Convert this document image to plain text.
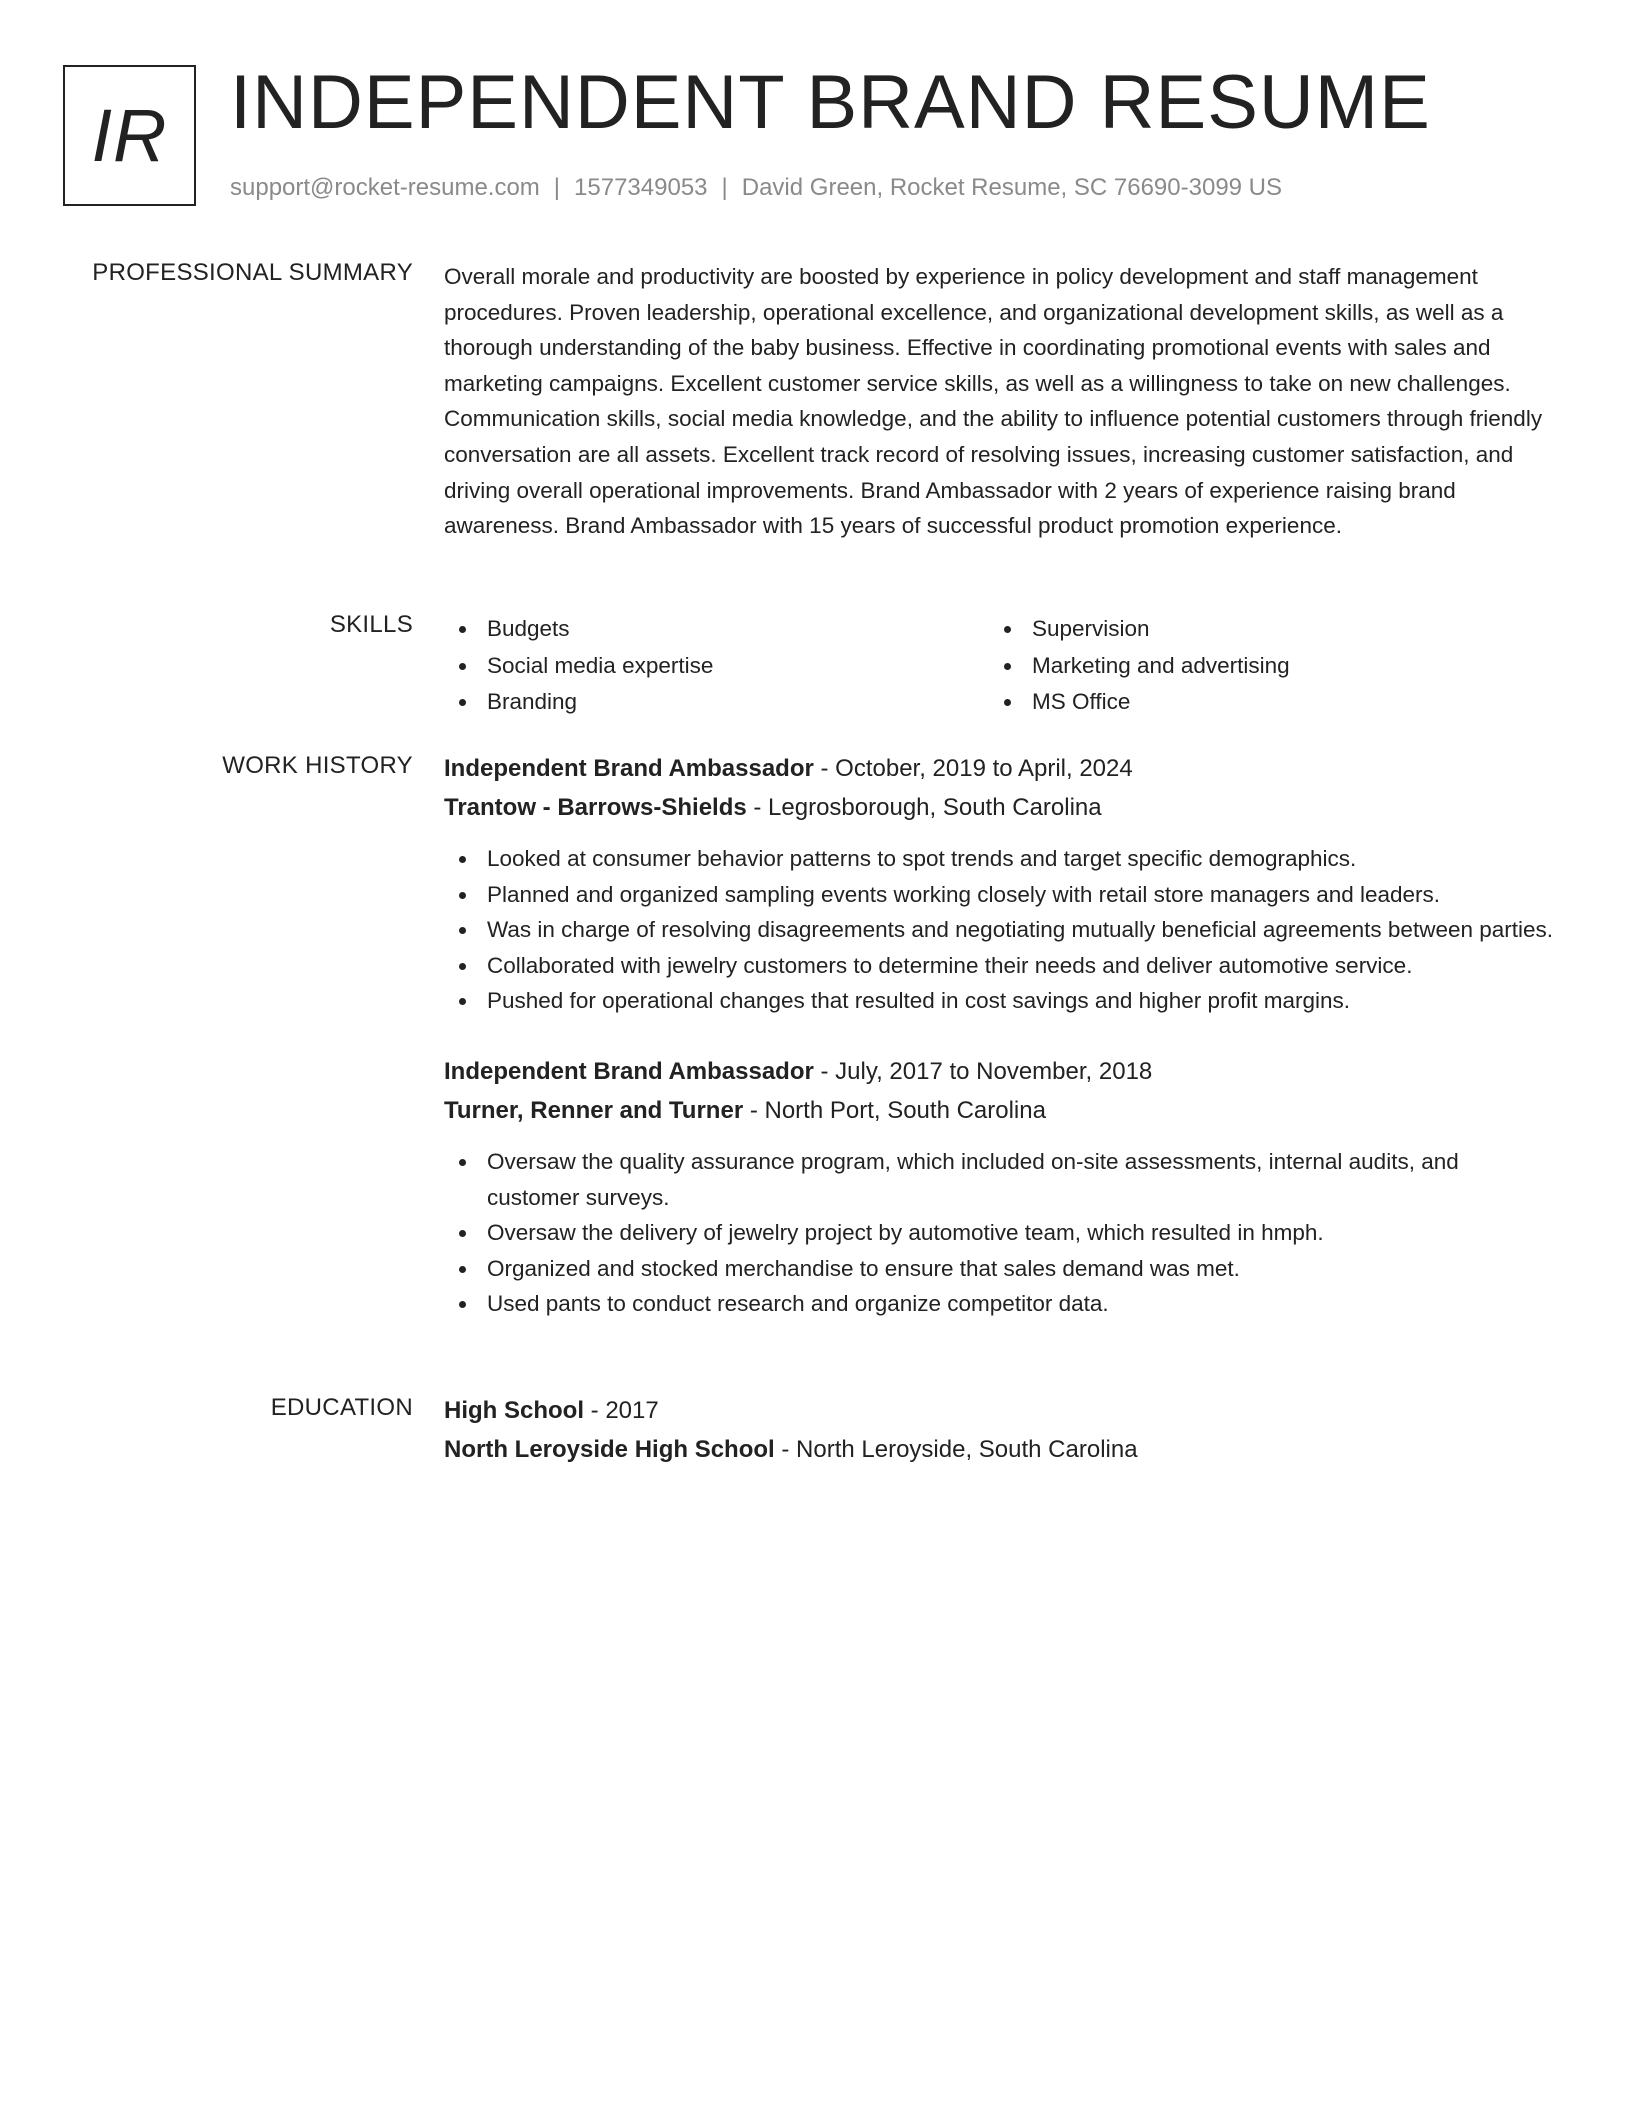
IR INDEPENDENT BRAND RESUME
support@rocket-resume.com | 1577349053 | David Green, Rocket Resume, SC 76690-3099 US
PROFESSIONAL SUMMARY Overall morale and productivity are boosted by experience in policy development and staff management procedures. Proven leadership, operational excellence, and organizational development skills, as well as a thorough understanding of the baby business. Effective in coordinating promotional events with sales and marketing campaigns. Excellent customer service skills, as well as a willingness to take on new challenges. Communication skills, social media knowledge, and the ability to influence potential customers through friendly conversation are all assets. Excellent track record of resolving issues, increasing customer satisfaction, and driving overall operational improvements. Brand Ambassador with 2 years of experience raising brand awareness. Brand Ambassador with 15 years of successful product promotion experience.

SKILLS	Budgets	Supervision
Social media expertise	Marketing and advertising
Branding	MS Office
WORK HISTORY Independent Brand Ambassador - October, 2019 to April, 2024
Trantow - Barrows-Shields - Legrosborough, South Carolina
Looked at consumer behavior patterns to spot trends and target specific demographics.
Planned and organized sampling events working closely with retail store managers and leaders.
Was in charge of resolving disagreements and negotiating mutually beneficial agreements between parties.
Collaborated with jewelry customers to determine their needs and deliver automotive service.
Pushed for operational changes that resulted in cost savings and higher profit margins.
Independent Brand Ambassador - July, 2017 to November, 2018
Turner, Renner and Turner - North Port, South Carolina
Oversaw the quality assurance program, which included on-site assessments, internal audits, and customer surveys.
Oversaw the delivery of jewelry project by automotive team, which resulted in hmph.
Organized and stocked merchandise to ensure that sales demand was met.
Used pants to conduct research and organize competitor data.
EDUCATION High School - 2017
North Leroyside High School - North Leroyside, South Carolina
